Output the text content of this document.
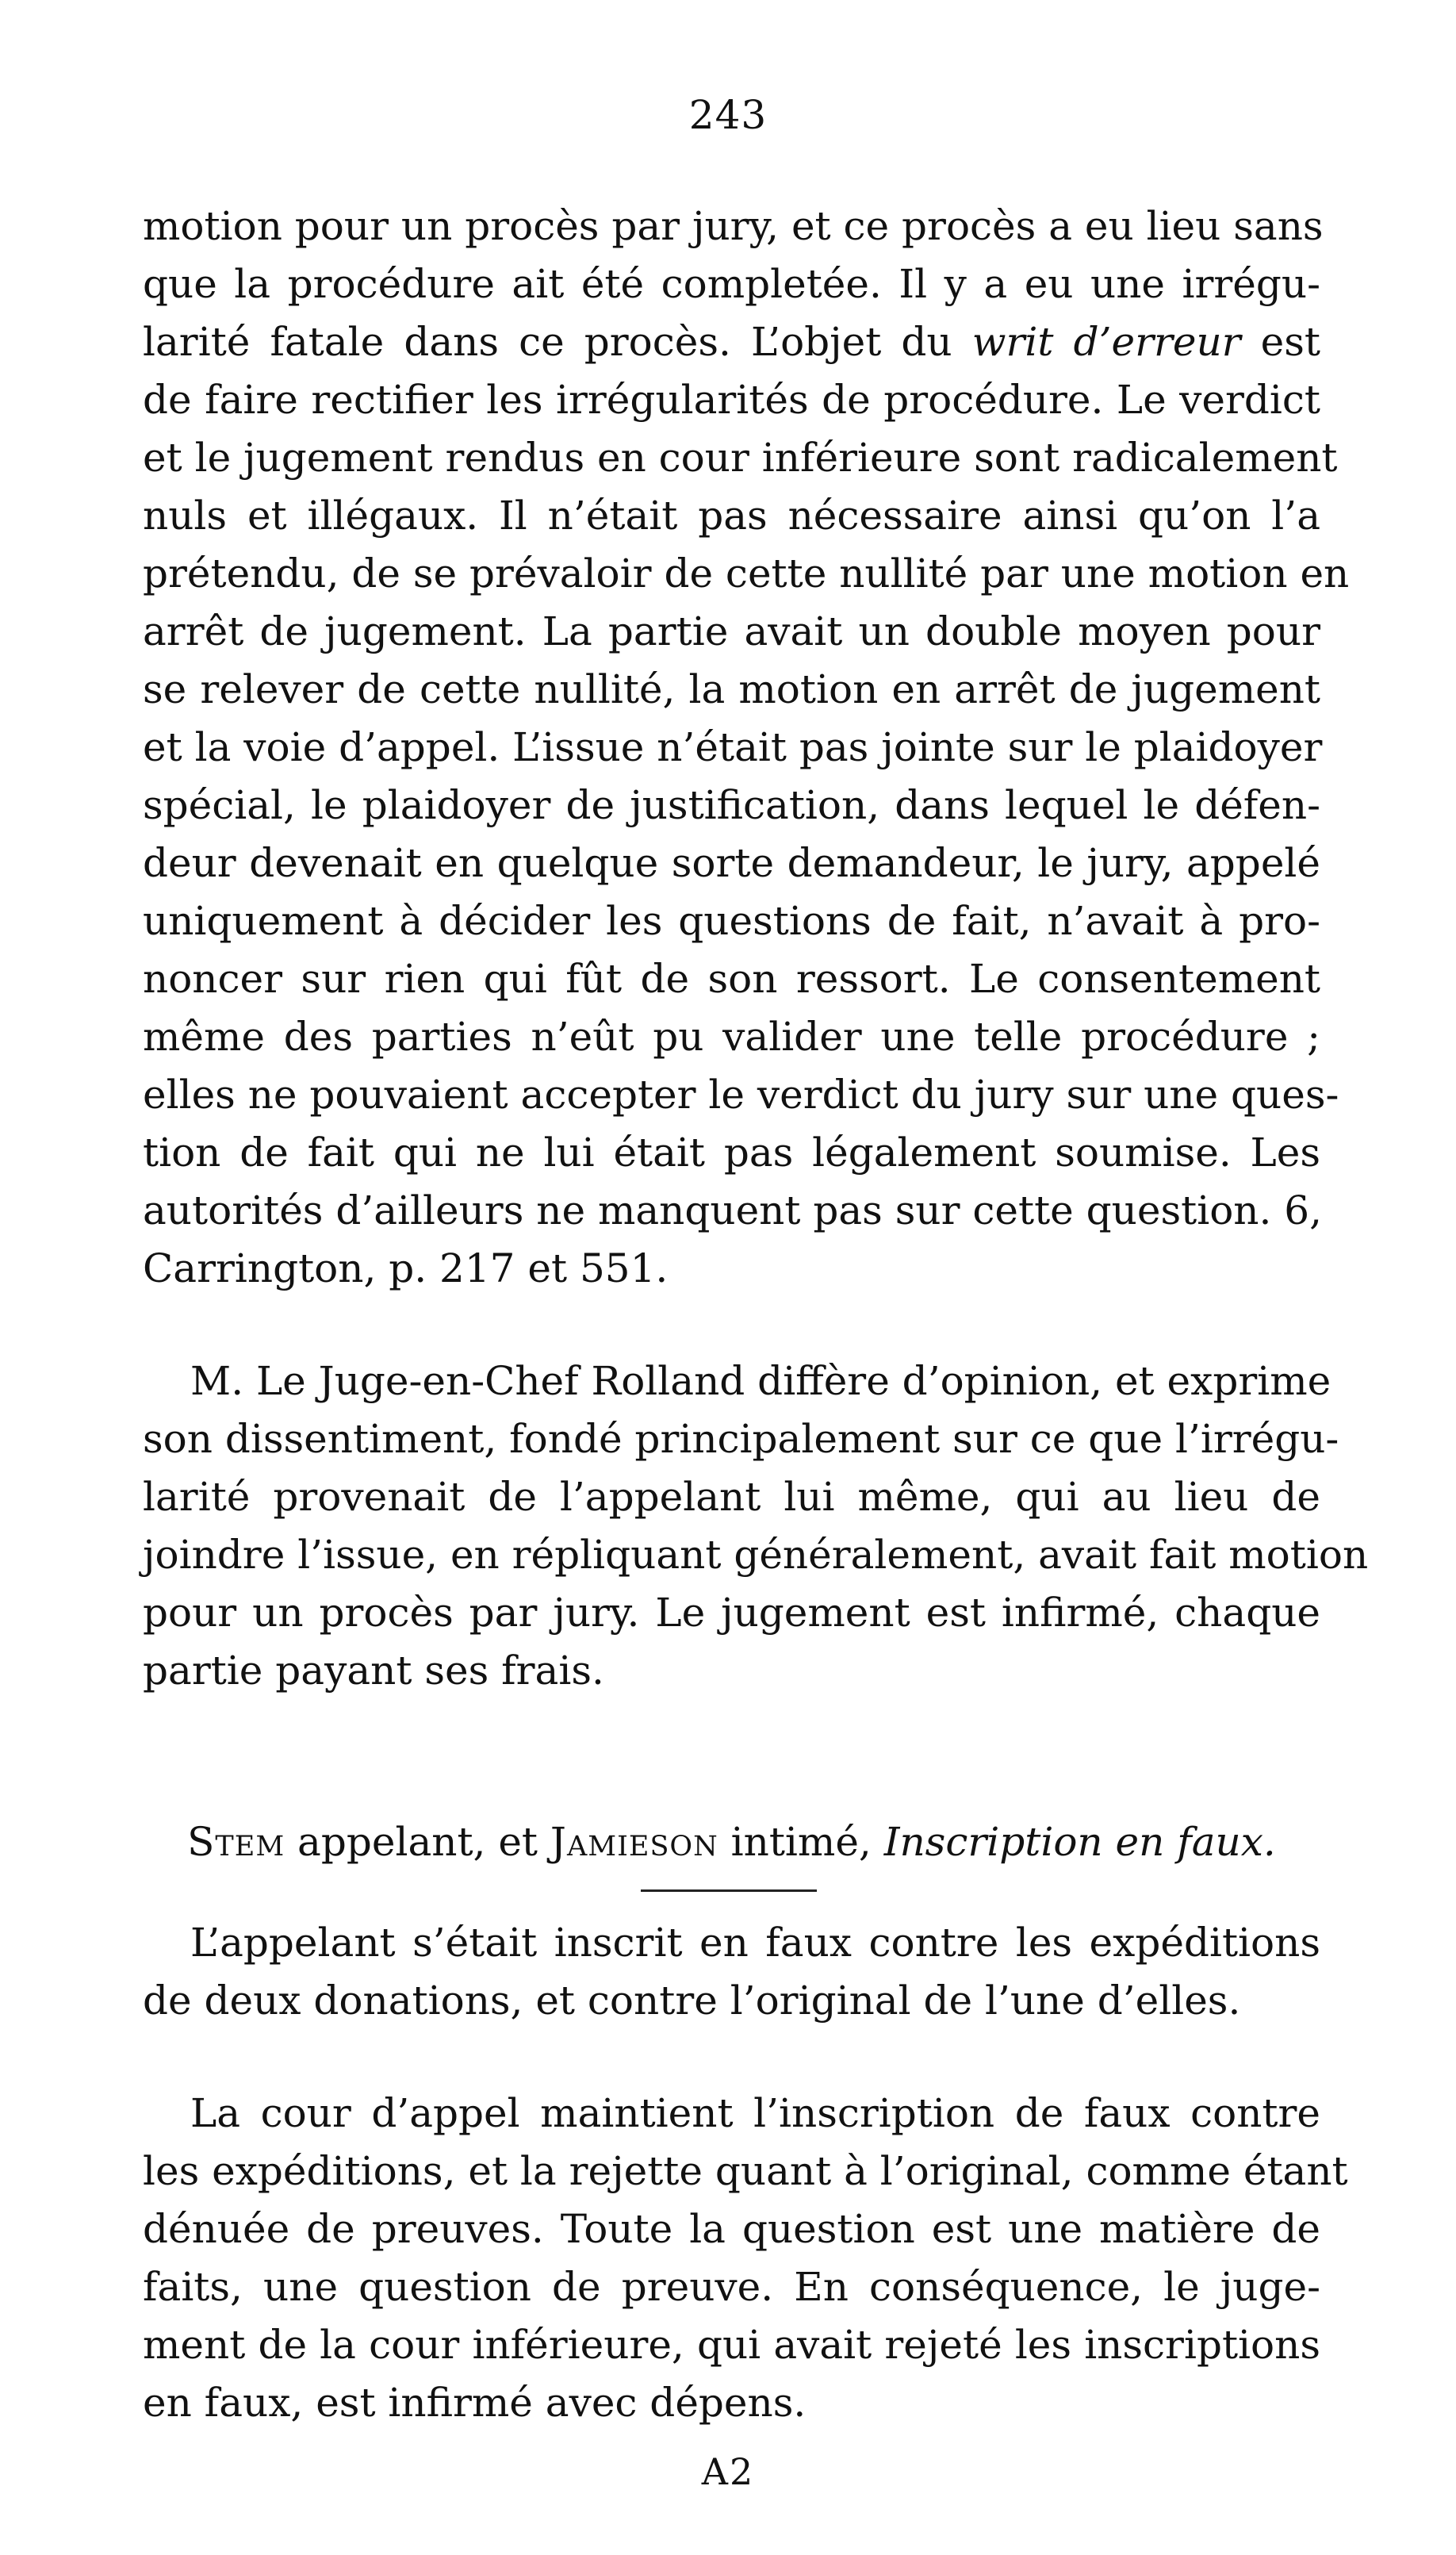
243

motion pour un procès par jury, et ce procès a eu lieu sans

que la procédure ait été completée. Il y a eu une irrégu-

larité fatale dans ce procès. L’objet du writ d’erreur est

de faire rectifier les irrégularités de procédure. Le verdict

et le jugement rendus en cour inférieure sont radicalement

nuls et illégaux. Il n’était pas nécessaire ainsi qu’on l’a

prétendu, de se prévaloir de cette nullité par une motion en

arrêt de jugement. La partie avait un double moyen pour

se relever de cette nullité, la motion en arrêt de jugement

et la voie d’appel. L’issue n’était pas jointe sur le plaidoyer

spécial, le plaidoyer de justification, dans lequel le défen-

deur devenait en quelque sorte demandeur, le jury, appelé

uniquement à décider les questions de fait, n’avait à pro-

noncer sur rien qui fût de son ressort. Le consentement

même des parties n’eût pu valider une telle procédure ;

elles ne pouvaient accepter le verdict du jury sur une ques-

tion de fait qui ne lui était pas légalement soumise. Les

autorités d’ailleurs ne manquent pas sur cette question. 6,

Carrington, p. 217 et 551.

M. Le Juge-en-Chef Rolland diffère d’opinion, et exprime

son dissentiment, fondé principalement sur ce que l’irrégu-

larité provenait de l’appelant lui même, qui au lieu de

joindre l’issue, en répliquant généralement, avait fait motion

pour un procès par jury. Le jugement est infirmé, chaque

partie payant ses frais.

Stem appelant, et Jamieson intimé, Inscription en faux.

L’appelant s’était inscrit en faux contre les expéditions

de deux donations, et contre l’original de l’une d’elles.

La cour d’appel maintient l’inscription de faux contre

les expéditions, et la rejette quant à l’original, comme étant

dénuée de preuves. Toute la question est une matière de

faits, une question de preuve. En conséquence, le juge-

ment de la cour inférieure, qui avait rejeté les inscriptions

en faux, est infirmé avec dépens.

A2
